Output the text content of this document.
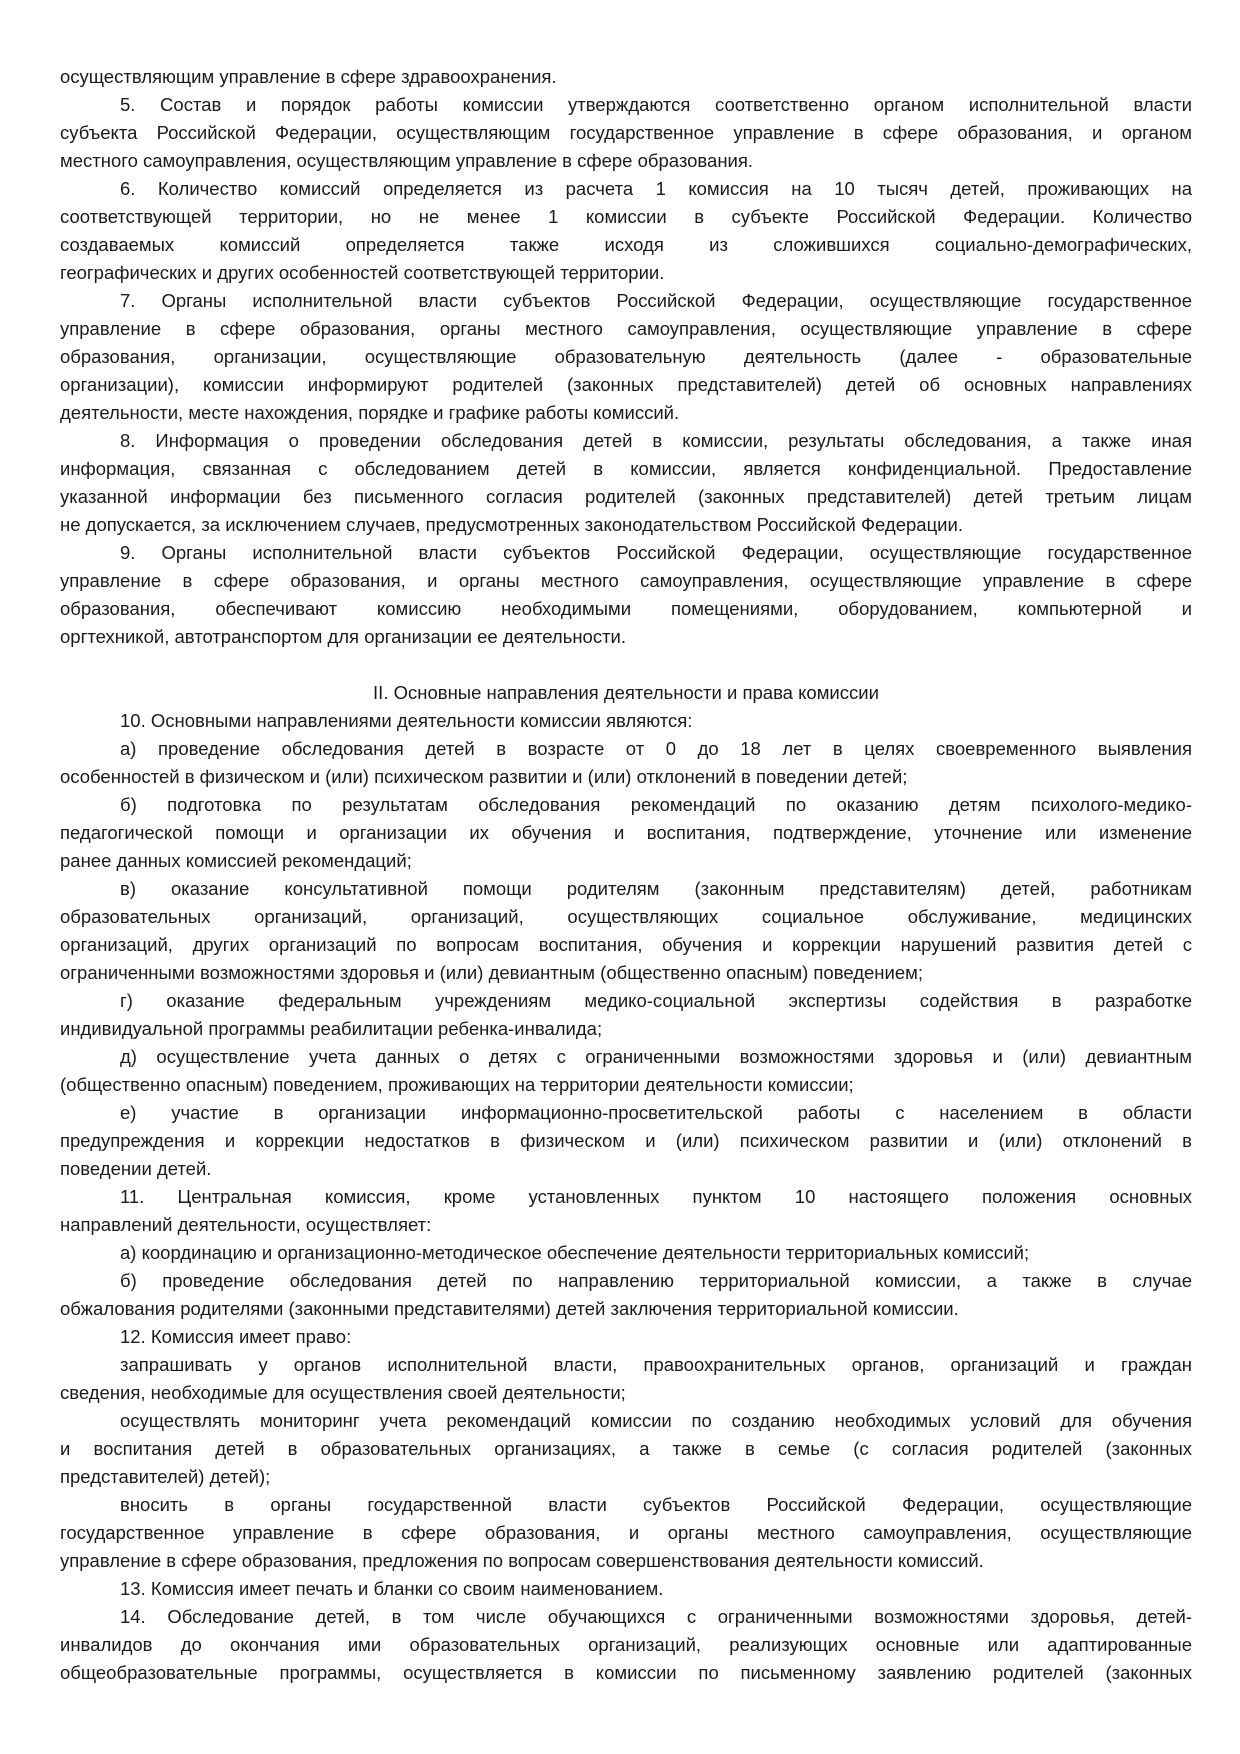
осуществляющим управление в сфере здравоохранения.
5. Состав и порядок работы комиссии утверждаются соответственно органом исполнительной власти
субъекта Российской Федерации, осуществляющим государственное управление в сфере образования, и органом
местного самоуправления, осуществляющим управление в сфере образования.
6. Количество комиссий определяется из расчета 1 комиссия на 10 тысяч детей, проживающих на
соответствующей территории, но не менее 1 комиссии в субъекте Российской Федерации. Количество
создаваемых комиссий определяется также исходя из сложившихся социально-демографических,
географических и других особенностей соответствующей территории.
7. Органы исполнительной власти субъектов Российской Федерации, осуществляющие государственное
управление в сфере образования, органы местного самоуправления, осуществляющие управление в сфере
образования, организации, осуществляющие образовательную деятельность (далее - образовательные
организации), комиссии информируют родителей (законных представителей) детей об основных направлениях
деятельности, месте нахождения, порядке и графике работы комиссий.
8. Информация о проведении обследования детей в комиссии, результаты обследования, а также иная
информация, связанная с обследованием детей в комиссии, является конфиденциальной. Предоставление
указанной информации без письменного согласия родителей (законных представителей) детей третьим лицам
не допускается, за исключением случаев, предусмотренных законодательством Российской Федерации.
9. Органы исполнительной власти субъектов Российской Федерации, осуществляющие государственное
управление в сфере образования, и органы местного самоуправления, осуществляющие управление в сфере
образования, обеспечивают комиссию необходимыми помещениями, оборудованием, компьютерной и
оргтехникой, автотранспортом для организации ее деятельности.
II. Основные направления деятельности и права комиссии
10. Основными направлениями деятельности комиссии являются:
а) проведение обследования детей в возрасте от 0 до 18 лет в целях своевременного выявления
особенностей в физическом и (или) психическом развитии и (или) отклонений в поведении детей;
б) подготовка по результатам обследования рекомендаций по оказанию детям психолого-медико-
педагогической помощи и организации их обучения и воспитания, подтверждение, уточнение или изменение
ранее данных комиссией рекомендаций;
в) оказание консультативной помощи родителям (законным представителям) детей, работникам
образовательных организаций, организаций, осуществляющих социальное обслуживание, медицинских
организаций, других организаций по вопросам воспитания, обучения и коррекции нарушений развития детей с
ограниченными возможностями здоровья и (или) девиантным (общественно опасным) поведением;
г) оказание федеральным учреждениям медико-социальной экспертизы содействия в разработке
индивидуальной программы реабилитации ребенка-инвалида;
д) осуществление учета данных о детях с ограниченными возможностями здоровья и (или) девиантным
(общественно опасным) поведением, проживающих на территории деятельности комиссии;
е) участие в организации информационно-просветительской работы с населением в области
предупреждения и коррекции недостатков в физическом и (или) психическом развитии и (или) отклонений в
поведении детей.
11. Центральная комиссия, кроме установленных пунктом 10 настоящего положения основных
направлений деятельности, осуществляет:
а) координацию и организационно-методическое обеспечение деятельности территориальных комиссий;
б) проведение обследования детей по направлению территориальной комиссии, а также в случае
обжалования родителями (законными представителями) детей заключения территориальной комиссии.
12. Комиссия имеет право:
запрашивать у органов исполнительной власти, правоохранительных органов, организаций и граждан
сведения, необходимые для осуществления своей деятельности;
осуществлять мониторинг учета рекомендаций комиссии по созданию необходимых условий для обучения
и воспитания детей в образовательных организациях, а также в семье (с согласия родителей (законных
представителей) детей);
вносить в органы государственной власти субъектов Российской Федерации, осуществляющие
государственное управление в сфере образования, и органы местного самоуправления, осуществляющие
управление в сфере образования, предложения по вопросам совершенствования деятельности комиссий.
13. Комиссия имеет печать и бланки со своим наименованием.
14. Обследование детей, в том числе обучающихся с ограниченными возможностями здоровья, детей-
инвалидов до окончания ими образовательных организаций, реализующих основные или адаптированные
общеобразовательные программы, осуществляется в комиссии по письменному заявлению родителей (законных
